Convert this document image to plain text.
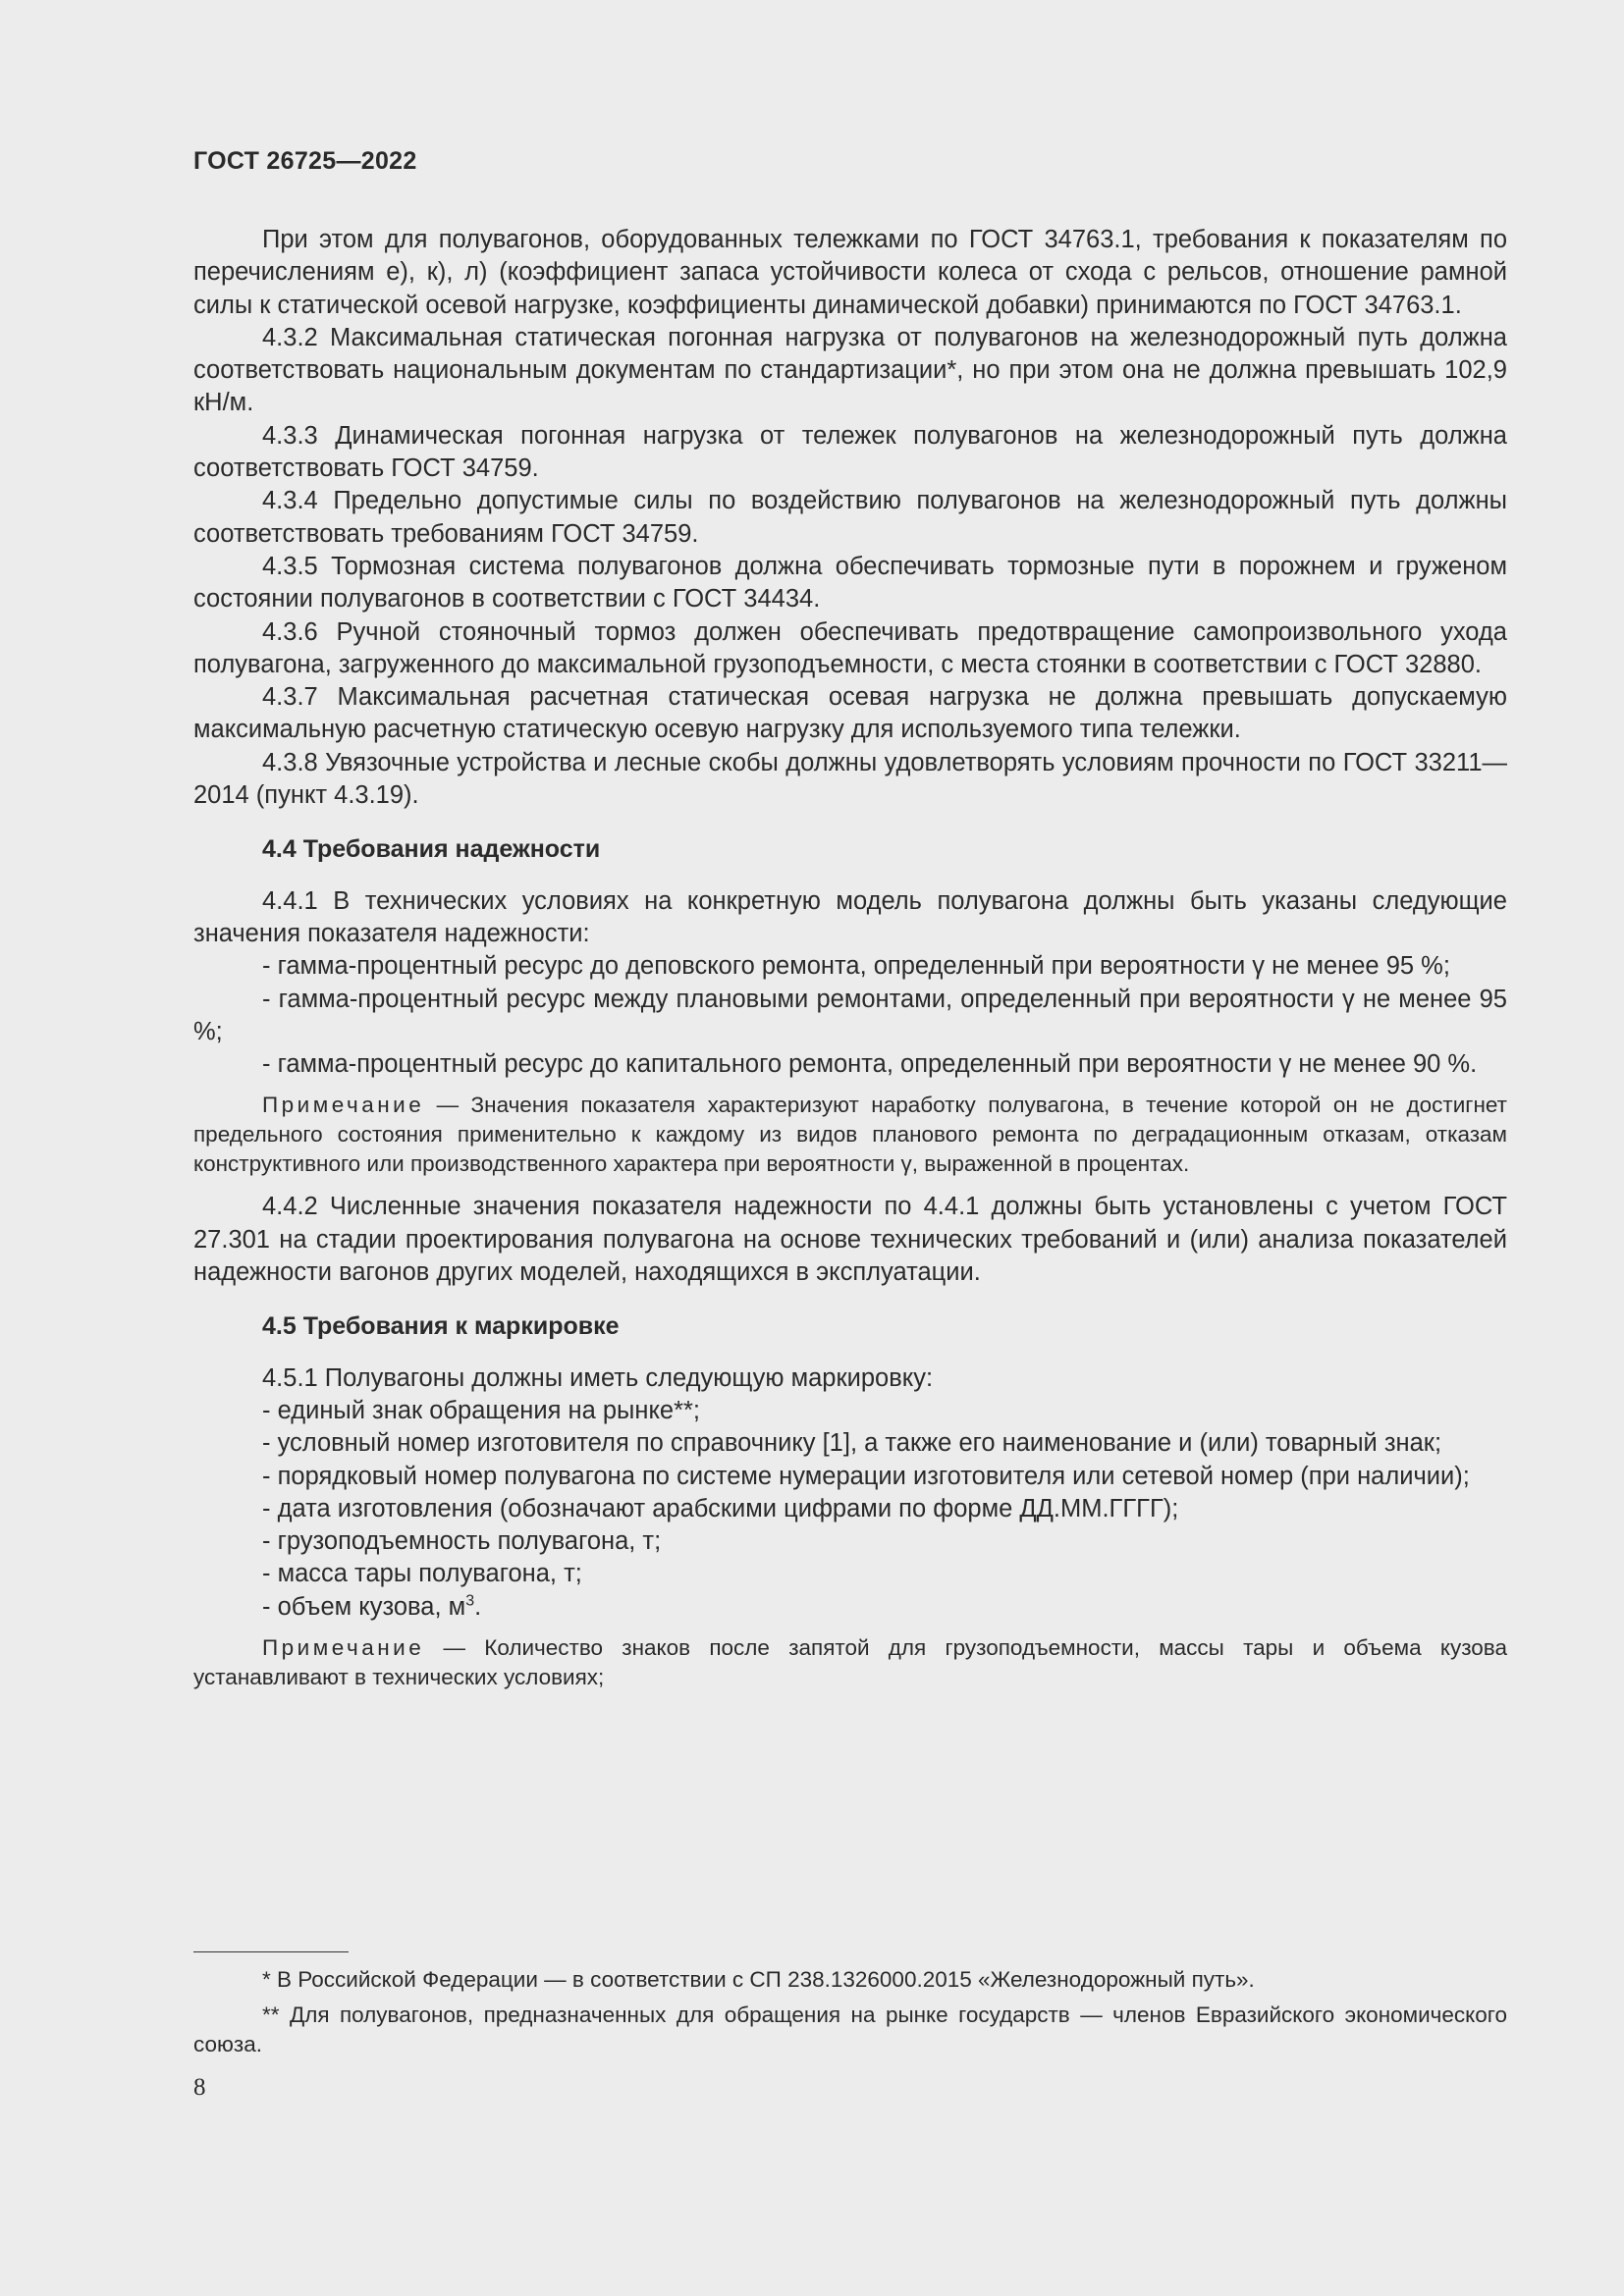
ГОСТ 26725—2022

При этом для полувагонов, оборудованных тележками по ГОСТ 34763.1, требования к показателям по перечислениям е), к), л) (коэффициент запаса устойчивости колеса от схода с рельсов, отношение рамной силы к статической осевой нагрузке, коэффициенты динамической добавки) принимаются по ГОСТ 34763.1.

4.3.2 Максимальная статическая погонная нагрузка от полувагонов на железнодорожный путь должна соответствовать национальным документам по стандартизации*, но при этом она не должна превышать 102,9 кН/м.

4.3.3 Динамическая погонная нагрузка от тележек полувагонов на железнодорожный путь должна соответствовать ГОСТ 34759.

4.3.4 Предельно допустимые силы по воздействию полувагонов на железнодорожный путь должны соответствовать требованиям ГОСТ 34759.

4.3.5 Тормозная система полувагонов должна обеспечивать тормозные пути в порожнем и груженом состоянии полувагонов в соответствии с ГОСТ 34434.

4.3.6 Ручной стояночный тормоз должен обеспечивать предотвращение самопроизвольного ухода полувагона, загруженного до максимальной грузоподъемности, с места стоянки в соответствии с ГОСТ 32880.

4.3.7 Максимальная расчетная статическая осевая нагрузка не должна превышать допускаемую максимальную расчетную статическую осевую нагрузку для используемого типа тележки.

4.3.8 Увязочные устройства и лесные скобы должны удовлетворять условиям прочности по ГОСТ 33211—2014 (пункт 4.3.19).

4.4 Требования надежности

4.4.1 В технических условиях на конкретную модель полувагона должны быть указаны следующие значения показателя надежности:

- гамма-процентный ресурс до деповского ремонта, определенный при вероятности γ не менее 95 %;

- гамма-процентный ресурс между плановыми ремонтами, определенный при вероятности γ не менее 95 %;

- гамма-процентный ресурс до капитального ремонта, определенный при вероятности γ не менее 90 %.

Примечание — Значения показателя характеризуют наработку полувагона, в течение которой он не достигнет предельного состояния применительно к каждому из видов планового ремонта по деградационным отказам, отказам конструктивного или производственного характера при вероятности γ, выраженной в процентах.

4.4.2 Численные значения показателя надежности по 4.4.1 должны быть установлены с учетом ГОСТ 27.301 на стадии проектирования полувагона на основе технических требований и (или) анализа показателей надежности вагонов других моделей, находящихся в эксплуатации.

4.5 Требования к маркировке

4.5.1 Полувагоны должны иметь следующую маркировку:

- единый знак обращения на рынке**;

- условный номер изготовителя по справочнику [1], а также его наименование и (или) товарный знак;

- порядковый номер полувагона по системе нумерации изготовителя или сетевой номер (при наличии);

- дата изготовления (обозначают арабскими цифрами по форме ДД.ММ.ГГГГ);

- грузоподъемность полувагона, т;

- масса тары полувагона, т;

- объем кузова, $м^3$.

Примечание — Количество знаков после запятой для грузоподъемности, массы тары и объема кузова устанавливают в технических условиях;

* В Российской Федерации — в соответствии с СП 238.1326000.2015 «Железнодорожный путь».

** Для полувагонов, предназначенных для обращения на рынке государств — членов Евразийского экономического союза.

8
